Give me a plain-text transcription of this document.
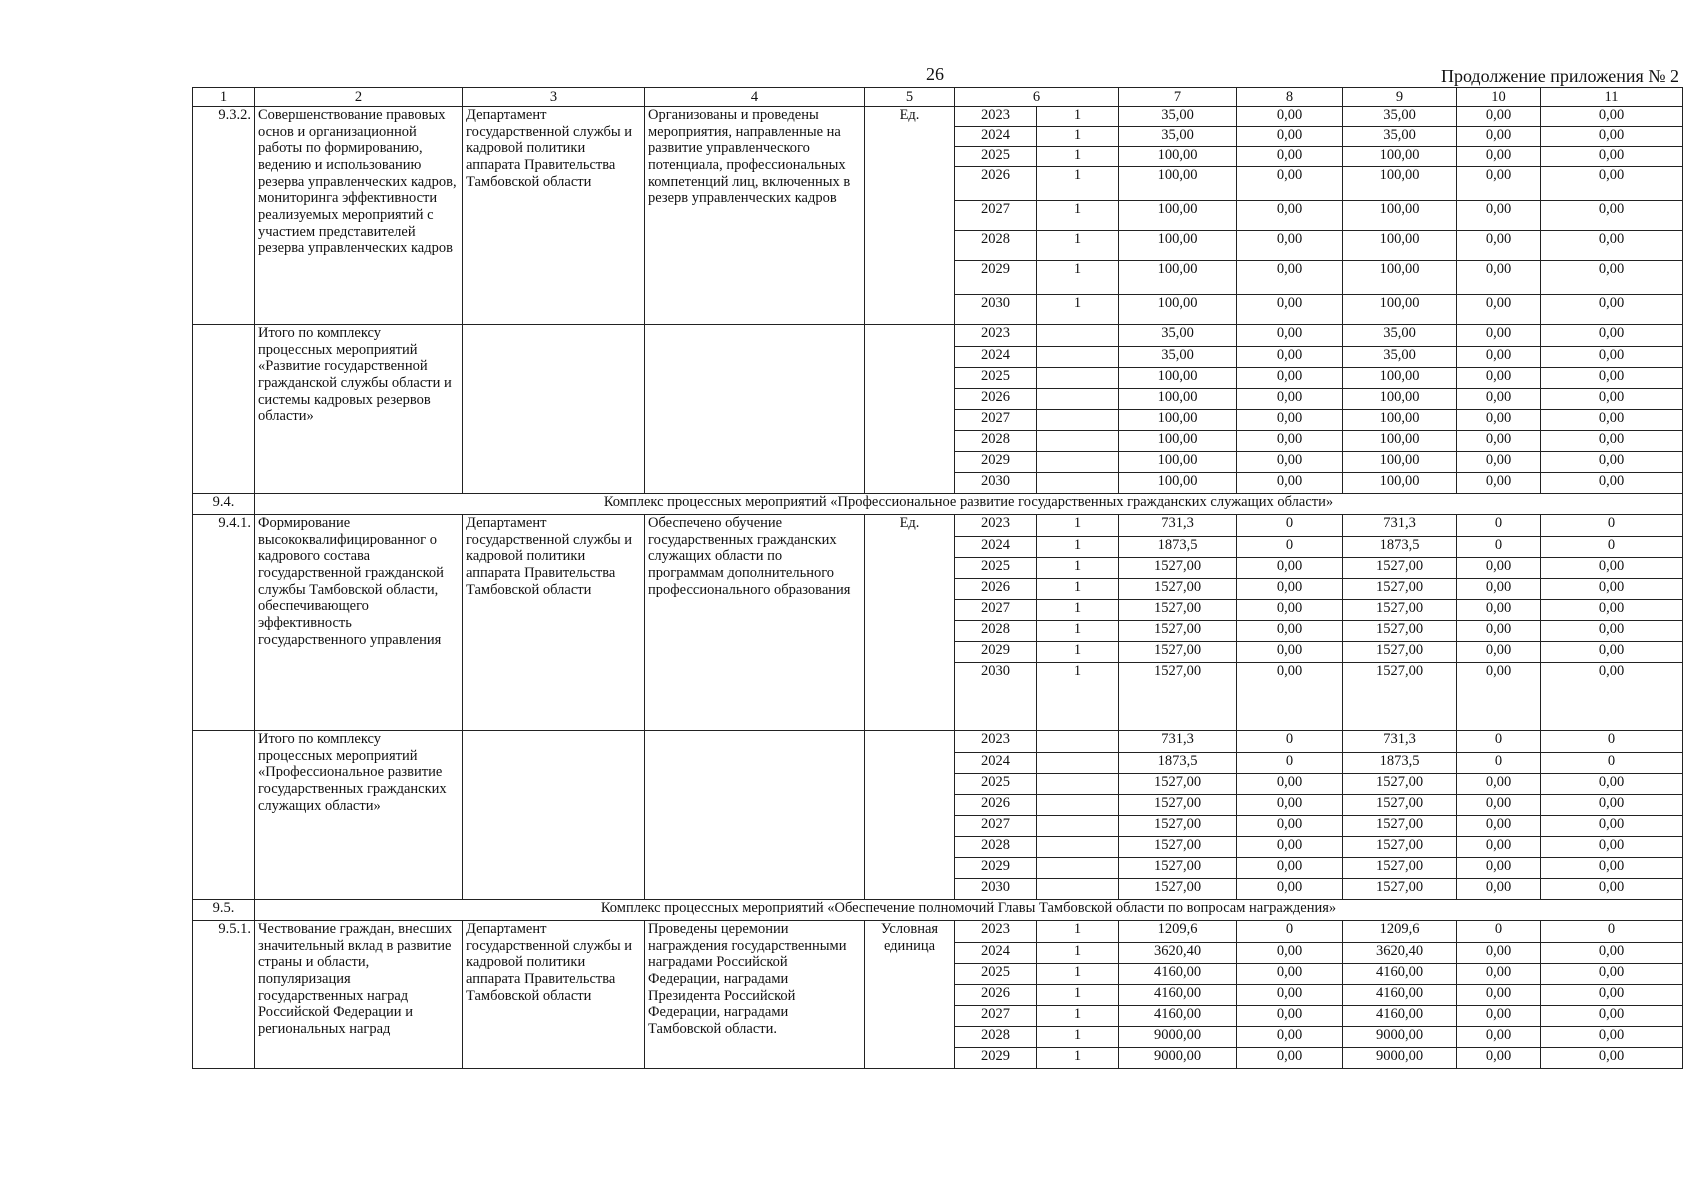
26	Продолжение приложения № 2
1	2	3	4	5	6		7	8	9	10	11
9.3.2.	Совершенствование правовых основ и организационной работы по формированию, ведению и использованию резерва управленческих кадров, мониторинга эффективности реализуемых мероприятий с участием представителей резерва управленческих кадров	Департамент государственной службы и кадровой политики аппарата Правительства Тамбовской области	Организованы и проведены мероприятия, направленные на развитие управленческого потенциала, профессиональных компетенций лиц, включенных в резерв управленческих кадров	Ед.	2023	1	35,00	0,00	35,00	0,00	0,00
					2024	1	35,00	0,00	35,00	0,00	0,00
					2025	1	100,00	0,00	100,00	0,00	0,00
					2026	1	100,00	0,00	100,00	0,00	0,00
					2027	1	100,00	0,00	100,00	0,00	0,00
					2028	1	100,00	0,00	100,00	0,00	0,00
					2029	1	100,00	0,00	100,00	0,00	0,00
					2030	1	100,00	0,00	100,00	0,00	0,00
	Итого по комплексу процессных мероприятий «Развитие государственной гражданской службы области и системы кадровых резервов области»				2023		35,00	0,00	35,00	0,00	0,00
					2024		35,00	0,00	35,00	0,00	0,00
					2025		100,00	0,00	100,00	0,00	0,00
					2026		100,00	0,00	100,00	0,00	0,00
					2027		100,00	0,00	100,00	0,00	0,00
					2028		100,00	0,00	100,00	0,00	0,00
					2029		100,00	0,00	100,00	0,00	0,00
					2030		100,00	0,00	100,00	0,00	0,00
9.4.	Комплекс процессных мероприятий «Профессиональное развитие государственных гражданских служащих области»										
9.4.1.	Формирование высококвалифицированног о кадрового состава государственной гражданской службы Тамбовской области, обеспечивающего эффективность государственного управления	Департамент государственной службы и кадровой политики аппарата Правительства Тамбовской области	Обеспечено обучение государственных гражданских служащих области по программам дополнительного профессионального образования	Ед.	2023	1	731,3	0	731,3	0	0
					2024	1	1873,5	0	1873,5	0	0
					2025	1	1527,00	0,00	1527,00	0,00	0,00
					2026	1	1527,00	0,00	1527,00	0,00	0,00
					2027	1	1527,00	0,00	1527,00	0,00	0,00
					2028	1	1527,00	0,00	1527,00	0,00	0,00
					2029	1	1527,00	0,00	1527,00	0,00	0,00
					2030	1	1527,00	0,00	1527,00	0,00	0,00
	Итого по комплексу процессных мероприятий «Профессиональное развитие государственных гражданских служащих области»				2023		731,3	0	731,3	0	0
					2024		1873,5	0	1873,5	0	0
					2025		1527,00	0,00	1527,00	0,00	0,00
					2026		1527,00	0,00	1527,00	0,00	0,00
					2027		1527,00	0,00	1527,00	0,00	0,00
					2028		1527,00	0,00	1527,00	0,00	0,00
					2029		1527,00	0,00	1527,00	0,00	0,00
					2030		1527,00	0,00	1527,00	0,00	0,00
9.5.	Комплекс процессных мероприятий «Обеспечение полномочий Главы Тамбовской области по вопросам награждения»										
9.5.1.	Чествование граждан, внесших значительный вклад в развитие страны и области, популяризация государственных наград Российской Федерации и региональных наград	Департамент государственной службы и кадровой политики аппарата Правительства Тамбовской области	Проведены церемонии награждения государственными наградами Российской Федерации, наградами Президента Российской Федерации, наградами Тамбовской области.	Условная единица	2023	1	1209,6	0	1209,6	0	0
					2024	1	3620,40	0,00	3620,40	0,00	0,00
					2025	1	4160,00	0,00	4160,00	0,00	0,00
					2026	1	4160,00	0,00	4160,00	0,00	0,00
					2027	1	4160,00	0,00	4160,00	0,00	0,00
					2028	1	9000,00	0,00	9000,00	0,00	0,00
					2029	1	9000,00	0,00	9000,00	0,00	0,00
